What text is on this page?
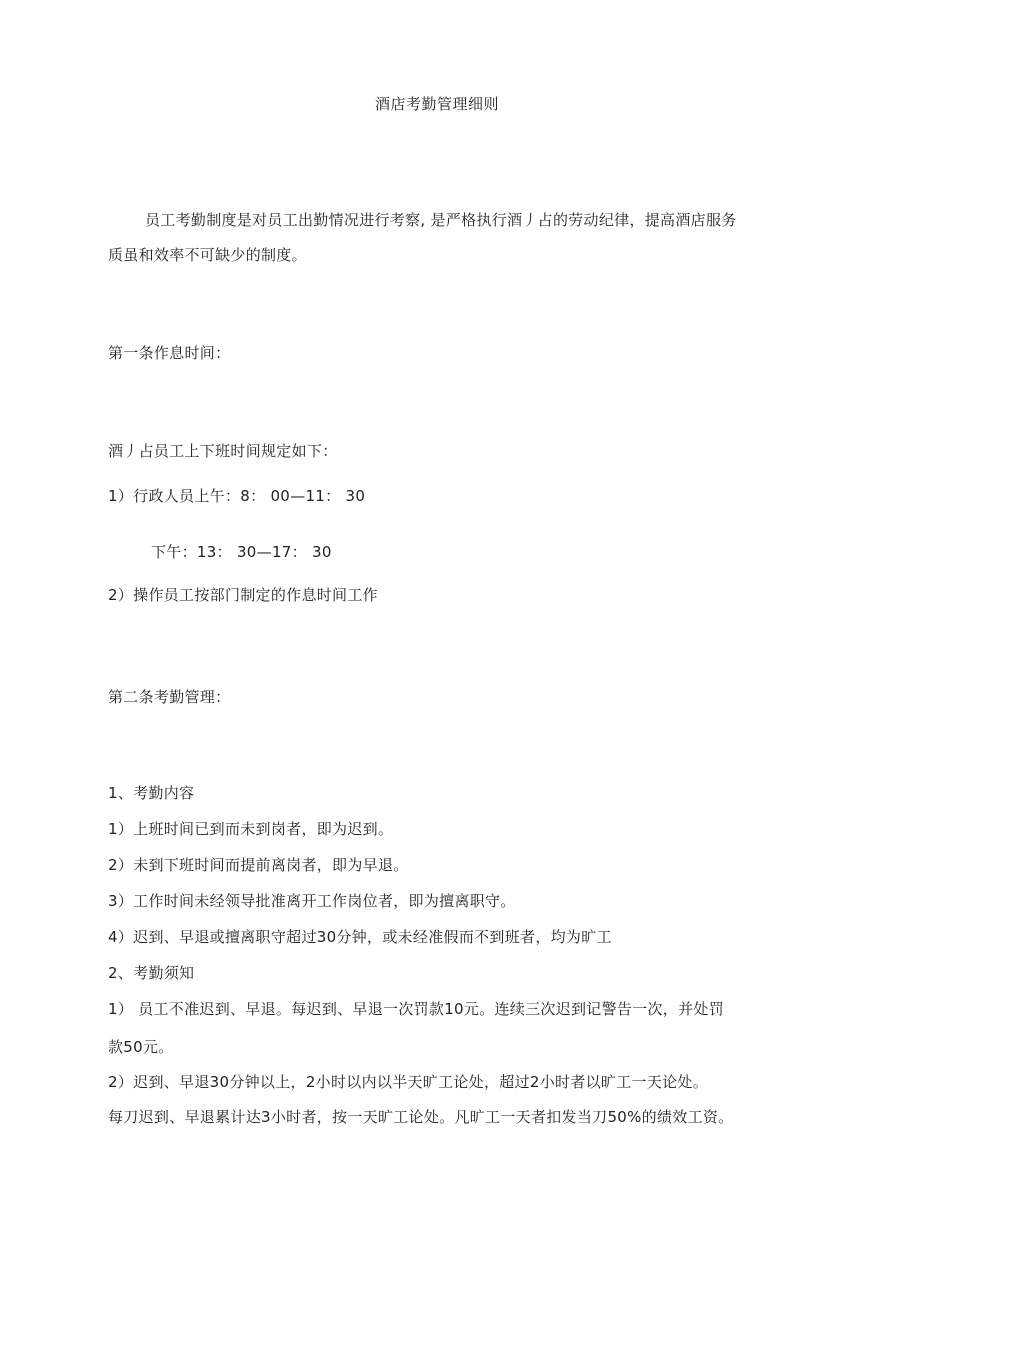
酒店考勤管理细则
员工考勤制度是对员工出勤情况进行考察, 是严格执行酒丿占的劳动纪律，提高酒店服务
质虽和效率不可缺少的制度。
第一条作息时间：
酒丿占员工上下班时间规定如下：
1）行政人员上午：8： 00—11： 30
下午：13： 30—17： 30
2）操作员工按部门制定的作息时间工作
第二条考勤管理：
1、考勤内容
1）上班时间已到而未到岗者，即为迟到。
2）未到下班时间而提前离岗者，即为早退。
3）工作时间未经领导批准离开工作岗位者，即为擅离职守。
4）迟到、早退或擅离职守超过30分钟，或未经准假而不到班者，均为旷工
2、考勤须知
1） 员工不准迟到、早退。每迟到、早退一次罚款10元。连续三次迟到记警告一次，并处罚
款50元。
2）迟到、早退30分钟以上，2小时以内以半天旷工论处，超过2小时者以旷工一天论处。
每刀迟到、早退累计达3小时者，按一天旷工论处。凡旷工一天者扣发当刀50%的绩效工资。
